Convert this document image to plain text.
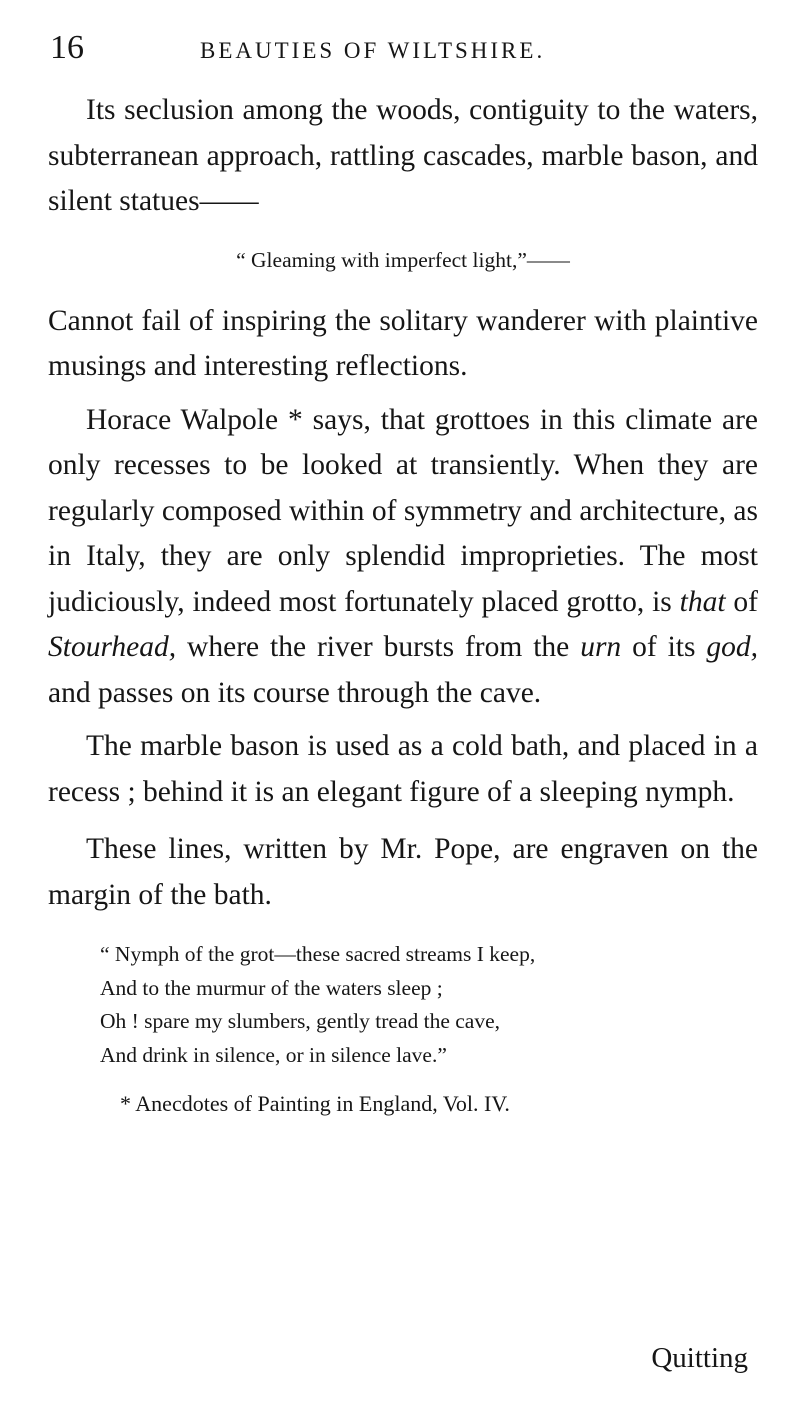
16	BEAUTIES OF WILTSHIRE.

Its seclusion among the woods, contiguity to the waters, subterranean approach, rattling cascades, marble bason, and silent statues——

“ Gleaming with imperfect light,”——

Cannot fail of inspiring the solitary wanderer with plaintive musings and interesting reflections.

Horace Walpole * says, that grottoes in this climate are only recesses to be looked at transiently. When they are regularly composed within of symmetry and architecture, as in Italy, they are only splendid improprieties. The most judiciously, indeed most fortunately placed grotto, is that of Stourhead, where the river bursts from the urn of its god, and passes on its course through the cave.

The marble bason is used as a cold bath, and placed in a recess ; behind it is an elegant figure of a sleeping nymph.

These lines, written by Mr. Pope, are engraven on the margin of the bath.

“ Nymph of the grot—these sacred streams I keep,
And to the murmur of the waters sleep ;
Oh ! spare my slumbers, gently tread the cave,
And drink in silence, or in silence lave.”
* Anecdotes of Painting in England, Vol. IV.
Quitting
